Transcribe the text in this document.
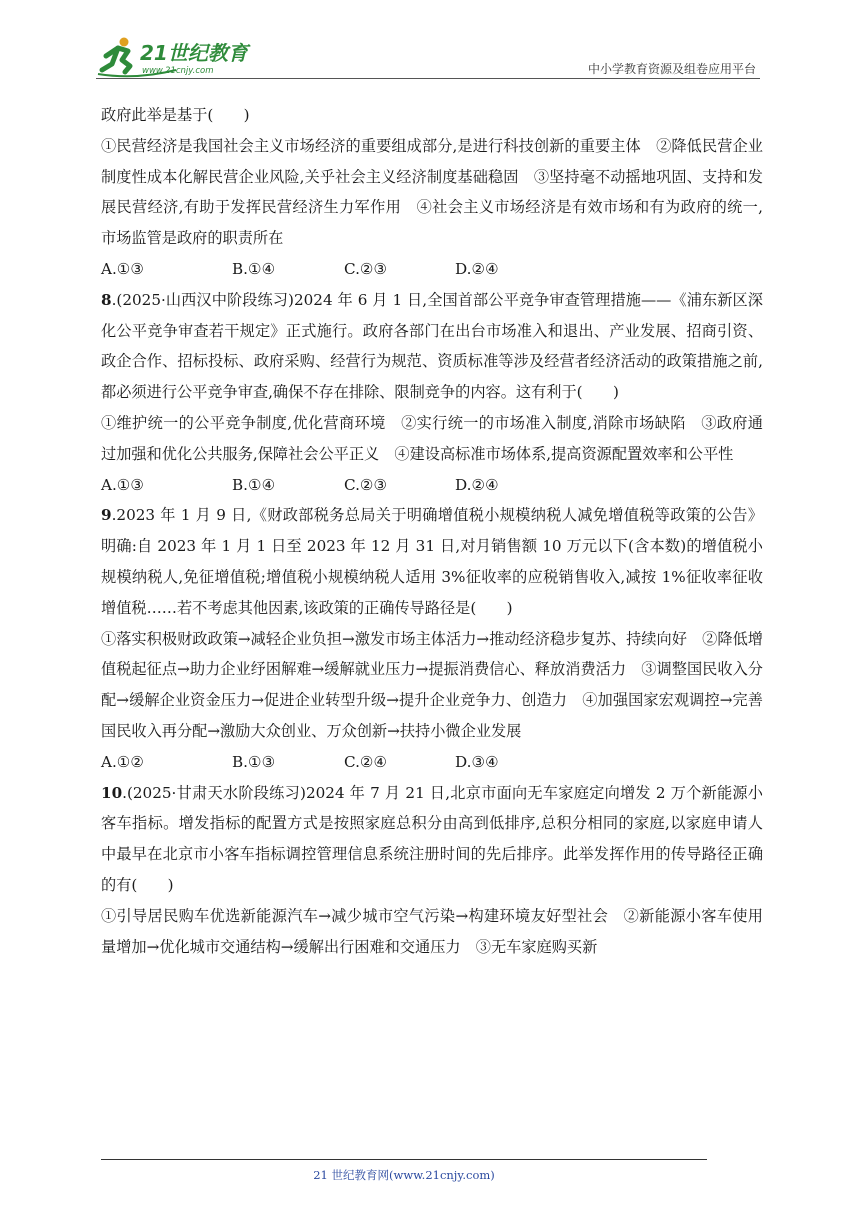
21世纪教育
www.21cnjy.com	中小学教育资源及组卷应用平台

政府此举是基于(　　)

①民营经济是我国社会主义市场经济的重要组成部分,是进行科技创新的重要主体　②降低民营企业制度性成本化解民营企业风险,关乎社会主义经济制度基础稳固　③坚持毫不动摇地巩固、支持和发展民营经济,有助于发挥民营经济生力军作用　④社会主义市场经济是有效市场和有为政府的统一,市场监管是政府的职责所在

A.①③	B.①④	C.②③	D.②④

8.(2025·山西汉中阶段练习)2024 年 6 月 1 日,全国首部公平竞争审查管理措施——《浦东新区深化公平竞争审查若干规定》正式施行。政府各部门在出台市场准入和退出、产业发展、招商引资、政企合作、招标投标、政府采购、经营行为规范、资质标准等涉及经营者经济活动的政策措施之前,都必须进行公平竞争审查,确保不存在排除、限制竞争的内容。这有利于(　　)

①维护统一的公平竞争制度,优化营商环境　②实行统一的市场准入制度,消除市场缺陷　③政府通过加强和优化公共服务,保障社会公平正义　④建设高标准市场体系,提高资源配置效率和公平性

A.①③	B.①④	C.②③	D.②④

9.2023 年 1 月 9 日,《财政部税务总局关于明确增值税小规模纳税人减免增值税等政策的公告》明确:自 2023 年 1 月 1 日至 2023 年 12 月 31 日,对月销售额 10 万元以下(含本数)的增值税小规模纳税人,免征增值税;增值税小规模纳税人适用 3%征收率的应税销售收入,减按 1%征收率征收增值税……若不考虑其他因素,该政策的正确传导路径是(　　)

①落实积极财政政策→减轻企业负担→激发市场主体活力→推动经济稳步复苏、持续向好　②降低增值税起征点→助力企业纾困解难→缓解就业压力→提振消费信心、释放消费活力　③调整国民收入分配→缓解企业资金压力→促进企业转型升级→提升企业竞争力、创造力　④加强国家宏观调控→完善国民收入再分配→激励大众创业、万众创新→扶持小微企业发展

A.①②	B.①③	C.②④	D.③④

10.(2025·甘肃天水阶段练习)2024 年 7 月 21 日,北京市面向无车家庭定向增发 2 万个新能源小客车指标。增发指标的配置方式是按照家庭总积分由高到低排序,总积分相同的家庭,以家庭申请人中最早在北京市小客车指标调控管理信息系统注册时间的先后排序。此举发挥作用的传导路径正确的有(　　)

①引导居民购车优选新能源汽车→减少城市空气污染→构建环境友好型社会　②新能源小客车使用量增加→优化城市交通结构→缓解出行困难和交通压力　③无车家庭购买新

21 世纪教育网(www.21cnjy.com)
